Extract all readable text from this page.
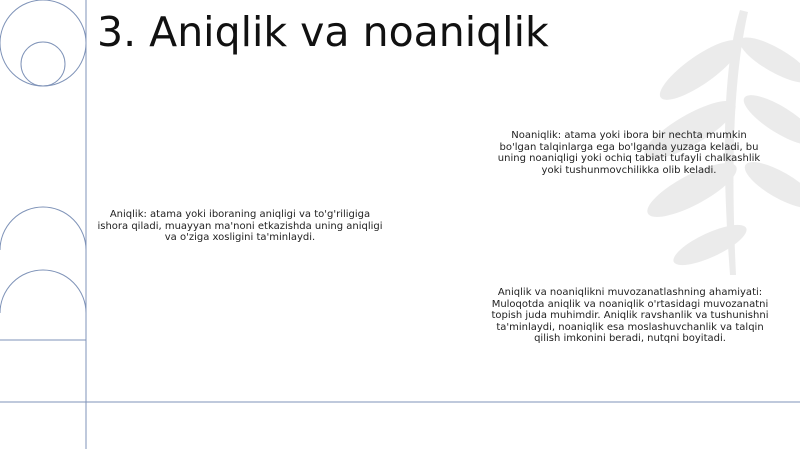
3. Aniqlik va noaniqlik

Aniqlik: atama yoki iboraning aniqligi va to'g'riligiga ishora qiladi, muayyan ma'noni etkazishda uning aniqligi va o'ziga xosligini ta'minlaydi.

Noaniqlik: atama yoki ibora bir nechta mumkin bo'lgan talqinlarga ega bo'lganda yuzaga keladi, bu uning noaniqligi yoki ochiq tabiati tufayli chalkashlik yoki tushunmovchilikka olib keladi.

Aniqlik va noaniqlikni muvozanatlashning ahamiyati: Muloqotda aniqlik va noaniqlik o'rtasidagi muvozanatni topish juda muhimdir. Aniqlik ravshanlik va tushunishni ta'minlaydi, noaniqlik esa moslashuvchanlik va talqin qilish imkonini beradi, nutqni boyitadi.
